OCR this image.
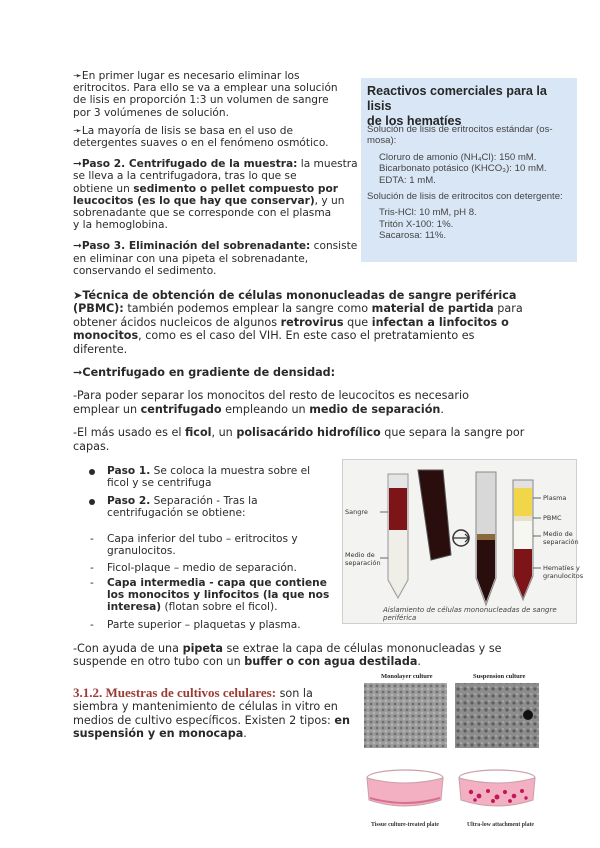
➛En primer lugar es necesario eliminar los
eritrocitos. Para ello se va a emplear una solución
de lisis en proporción 1:3 un volumen de sangre
por 3 volúmenes de solución.

➛La mayoría de lisis se basa en el uso de
detergentes suaves o en el fenómeno osmótico.

➞Paso 2. Centrifugado de la muestra: la muestra
se lleva a la centrifugadora, tras lo que se
obtiene un sedimento o pellet compuesto por
leucocitos (es lo que hay que conservar), y un
sobrenadante que se corresponde con el plasma
y la hemoglobina.

➞Paso 3. Eliminación del sobrenadante: consiste
en eliminar con una pipeta el sobrenadante,
conservando el sedimento.

Reactivos comerciales para la lisis
de los hematíes
Solución de lisis de eritrocitos estándar (os-
mosa):
Cloruro de amonio (NH₄Cl): 150 mM.
Bicarbonato potásico (KHCO₃): 10 mM.
EDTA: 1 mM.
Solución de lisis de eritrocitos con detergente:
Tris-HCl: 10 mM, pH 8.
Tritón X-100: 1%.
Sacarosa: 11%.

➤Técnica de obtención de células mononucleadas de sangre periférica
(PBMC): también podemos emplear la sangre como material de partida para
obtener ácidos nucleicos de algunos retrovirus que infectan a linfocitos o
monocitos, como es el caso del VIH. En este caso el pretratamiento es
diferente.

➞Centrifugado en gradiente de densidad:

-Para poder separar los monocitos del resto de leucocitos es necesario
emplear un centrifugado empleando un medio de separación.

-El más usado es el ficol, un polisacárido hidrofílico que separa la sangre por
capas.

Paso 1. Se coloca la muestra sobre el
ficol y se centrifuga
Paso 2. Separación - Tras la
centrifugación se obtiene:
- Capa inferior del tubo – eritrocitos y
granulocitos.
- Ficol-plaque – medio de separación.
- Capa intermedia - capa que contiene
los monocitos y linfocitos (la que nos
interesa) (flotan sobre el ficol).
- Parte superior – plaquetas y plasma.
Sangre
Medio de
separación
Plasma
PBMC
Medio de
separación
Hematíes y
granulocitos
Aislamiento de células mononucleadas de sangre periférica
-Con ayuda de una pipeta se extrae la capa de células mononucleadas y se
suspende en otro tubo con un buffer o con agua destilada.
3.1.2. Muestras de cultivos celulares: son la
siembra y mantenimiento de células in vitro en
medios de cultivo específicos. Existen 2 tipos: en
suspensión y en monocapa.
Monolayer culture	Suspension culture
Tissue culture-treated plate	Ultra-low attachment plate
